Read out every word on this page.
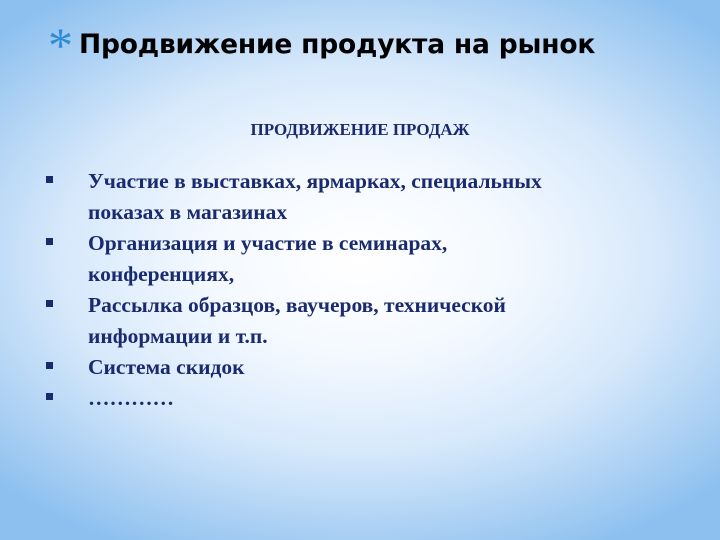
* Продвижение продукта на рынок
ПРОДВИЖЕНИЕ ПРОДАЖ
Участие в выставках, ярмарках, специальных
показах в магазинах
Организация и участие в семинарах,
конференциях,
Рассылка образцов, ваучеров, технической
информации и т.п.
Система скидок
…………
